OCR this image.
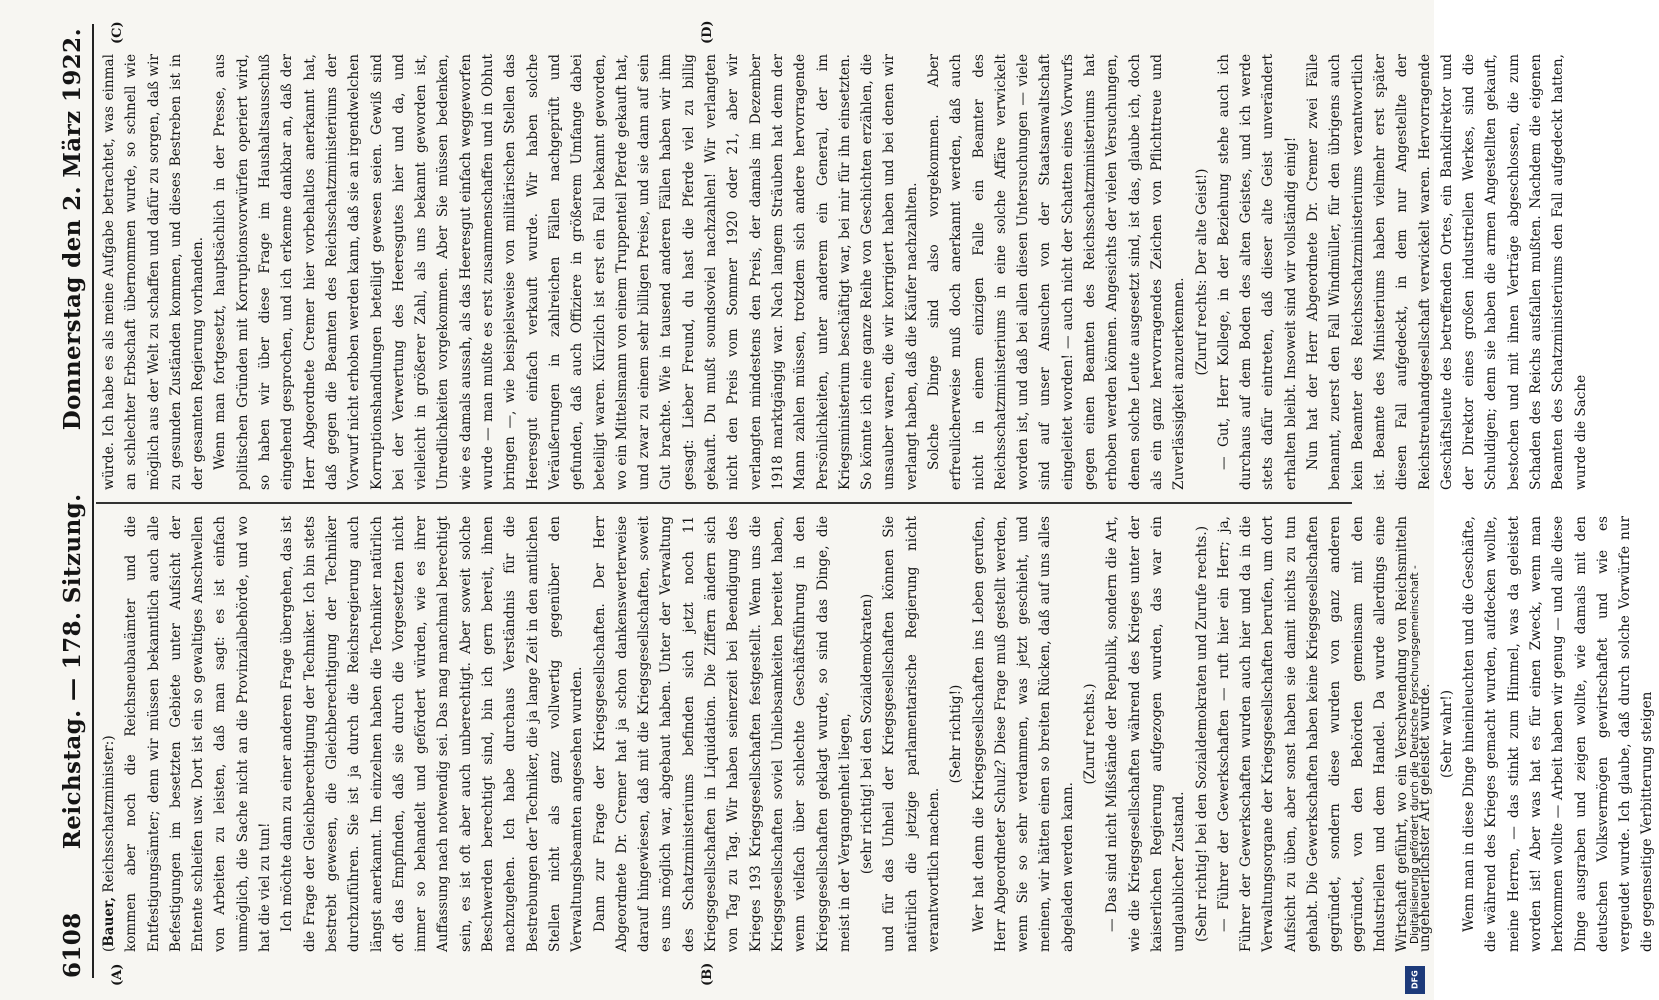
6108
Reichstag. — 178. Sitzung.
Donnerstag den 2. März 1922.
(A)	(B)
(C)	(D)

(Bauer, Reichsschatzminister:) kommen aber noch die Reichsneubauämter und die Entfestigungsämter; denn wir müssen bekanntlich auch alle Befestigungen im besetzten Gebiete unter Aufsicht der Entente schleifen usw. Dort ist ein so gewaltiges Anschwellen von Arbeiten zu leisten, daß man sagt: es ist einfach unmöglich, die Sache nicht an die Provinzialbehörde, und wo hat die viel zu tun! Ich möchte dann zu einer anderen Frage übergehen, das ist die Frage der Gleichberechtigung der Techniker. Ich bin stets bestrebt gewesen, die Gleichberechtigung der Techniker durchzuführen. Sie ist ja durch die Reichsregierung auch längst anerkannt. Im einzelnen haben die Techniker natürlich oft das Empfinden, daß sie durch die Vorgesetzten nicht immer so behandelt und gefördert würden, wie es ihrer Auffassung nach notwendig sei. Das mag manchmal berechtigt sein, es ist oft aber auch unberechtigt. Aber soweit solche Beschwerden berechtigt sind, bin ich gern bereit, ihnen nachzugehen. Ich habe durchaus Verständnis für die Bestrebungen der Techniker, die ja lange Zeit in den amtlichen Stellen nicht als ganz vollwertig gegenüber den Verwaltungsbeamten angesehen wurden. Dann zur Frage der Kriegsgesellschaften. Der Herr Abgeordnete Dr. Cremer hat ja schon dankenswerterweise darauf hingewiesen, daß mit die Kriegsgesellschaften, soweit es uns möglich war, abgebaut haben. Unter der Verwaltung des Schatzministeriums befinden sich jetzt noch 11 Kriegsgesellschaften in Liquidation. Die Ziffern ändern sich von Tag zu Tag. Wir haben seinerzeit bei Beendigung des Krieges 193 Kriegsgesellschaften festgestellt. Wenn uns die Kriegsgesellschaften soviel Unliebsamkeiten bereitet haben, wenn vielfach über schlechte Geschäftsführung in den Kriegsgesellschaften geklagt wurde, so sind das Dinge, die meist in der Vergangenheit liegen, (sehr richtig! bei den Sozialdemokraten) und für das Unheil der Kriegsgesellschaften können Sie natürlich die jetzige parlamentarische Regierung nicht verantwortlich machen.

(Sehr richtig!) Wer hat denn die Kriegsgesellschaften ins Leben gerufen, Herr Abgeordneter Schulz? Diese Frage muß gestellt werden, wenn Sie so sehr verdammen, was jetzt geschieht, und meinen, wir hätten einen so breiten Rücken, daß auf uns alles abgeladen werden kann.

(Zuruf rechts.) — Das sind nicht Mißstände der Republik, sondern die Art, wie die Kriegsgesellschaften während des Krieges unter der kaiserlichen Regierung aufgezogen wurden, das war ein unglaublicher Zustand. (Sehr richtig! bei den Sozialdemokraten und Zurufe rechts.) — Führer der Gewerkschaften — ruft hier ein Herr; ja, Führer der Gewerkschaften wurden auch hier und da in die Verwaltungsorgane der Kriegsgesellschaften berufen, um dort Aufsicht zu üben, aber sonst haben sie damit nichts zu tun gehabt. Die Gewerkschaften haben keine Kriegsgesellschaften gegründet, sondern diese wurden von ganz anderen gegründet, von den Behörden gemeinsam mit den Industriellen und dem Handel. Da wurde allerdings eine Wirtschaft geführt, wo ein Verschwendung von Reichsmitteln ungeheuerlichster Art geleistet wurde. (Sehr wahr!) Wenn man in diese Dinge hineinleuchten und die Geschäfte, die während des Krieges gemacht wurden, aufdecken wollte, meine Herren, — das stinkt zum Himmel, was da geleistet worden ist! Aber was hat es für einen Zweck, wenn man herkommen wollte — Arbeit haben wir genug — und alle diese Dinge ausgraben und zeigen wollte, wie damals mit den deutschen Volksvermögen gewirtschaftet und wie es vergeudet wurde. Ich glaube, daß durch solche Vorwürfe nur die gegenseitige Verbitterung steigen

würde. Ich habe es als meine Aufgabe betrachtet, was einmal an schlechter Erbschaft übernommen wurde, so schnell wie möglich aus der Welt zu schaffen und dafür zu sorgen, daß wir zu gesunden Zuständen kommen, und dieses Bestreben ist in der gesamten Regierung vorhanden. Wenn man fortgesetzt, hauptsächlich in der Presse, aus politischen Gründen mit Korruptionsvorwürfen operiert wird, so haben wir über diese Frage im Haushaltsausschuß eingehend gesprochen, und ich erkenne dankbar an, daß der Herr Abgeordnete Cremer hier vorbehaltlos anerkannt hat, daß gegen die Beamten des Reichsschatzministeriums der Vorwurf nicht erhoben werden kann, daß sie an irgendwelchen Korruptionshandlungen beteiligt gewesen seien. Gewiß sind bei der Verwertung des Heeresgutes hier und da, und vielleicht in größerer Zahl, als uns bekannt geworden ist, Unredlichkeiten vorgekommen. Aber Sie müssen bedenken, wie es damals aussah, als das Heeresgut einfach weggeworfen wurde — man mußte es erst zusammenschaffen und in Obhut bringen —, wie beispielsweise von militärischen Stellen das Heeresgut einfach verkauft wurde. Wir haben solche Veräußerungen in zahlreichen Fällen nachgeprüft und gefunden, daß auch Offiziere in größerem Umfange dabei beteiligt waren. Kürzlich ist erst ein Fall bekannt geworden, wo ein Mittelsmann von einem Truppenteil Pferde gekauft hat, und zwar zu einem sehr billigen Preise, und sie dann auf sein Gut brachte. Wie in tausend anderen Fällen haben wir ihm gesagt: Lieber Freund, du hast die Pferde viel zu billig gekauft. Du mußt soundsoviel nachzahlen! Wir verlangten nicht den Preis vom Sommer 1920 oder 21, aber wir verlangten mindestens den Preis, der damals im Dezember 1918 marktgängig war. Nach langem Sträuben hat denn der Mann zahlen müssen, trotzdem sich andere hervorragende Persönlichkeiten, unter anderem ein General, der im Kriegsministerium beschäftigt war, bei mir für ihn einsetzten. So könnte ich eine ganze Reihe von Geschichten erzählen, die unsauber waren, die wir korrigiert haben und bei denen wir verlangt haben, daß die Käufer nachzahlten. Solche Dinge sind also vorgekommen. Aber erfreulicherweise muß doch anerkannt werden, daß auch nicht in einem einzigen Falle ein Beamter des Reichsschatzministeriums in eine solche Affäre verwickelt worden ist, und daß bei allen diesen Untersuchungen — viele sind auf unser Ansuchen von der Staatsanwaltschaft eingeleitet worden! — auch nicht der Schatten eines Vorwurfs gegen einen Beamten des Reichsschatzministeriums hat erhoben werden können. Angesichts der vielen Versuchungen, denen solche Leute ausgesetzt sind, ist das, glaube ich, doch als ein ganz hervorragendes Zeichen von Pflichttreue und Zuverlässigkeit anzuerkennen.

(Zuruf rechts: Der alte Geist!) — Gut, Herr Kollege, in der Beziehung stehe auch ich durchaus auf dem Boden des alten Geistes, und ich werde stets dafür eintreten, daß dieser alte Geist unverändert erhalten bleibt. Insoweit sind wir vollständig einig! Nun hat der Herr Abgeordnete Dr. Cremer zwei Fälle benannt, zuerst den Fall Windmüller, für den übrigens auch kein Beamter des Reichsschatzministeriums verantwortlich ist. Beamte des Ministeriums haben vielmehr erst später diesen Fall aufgedeckt, in dem nur Angestellte der Reichstreuhandgesellschaft verwickelt waren. Hervorragende Geschäftsleute des betreffenden Ortes, ein Bankdirektor und der Direktor eines großen industriellen Werkes, sind die Schuldigen; denn sie haben die armen Angestellten gekauft, bestochen und mit ihnen Verträge abgeschlossen, die zum Schaden des Reichs ausfallen mußten. Nachdem die eigenen Beamten des Schatzministeriums den Fall aufgedeckt hatten, wurde die Sache

Digitalisierung gefördert durch die Deutsche Forschungsgemeinschaft -
DFG
